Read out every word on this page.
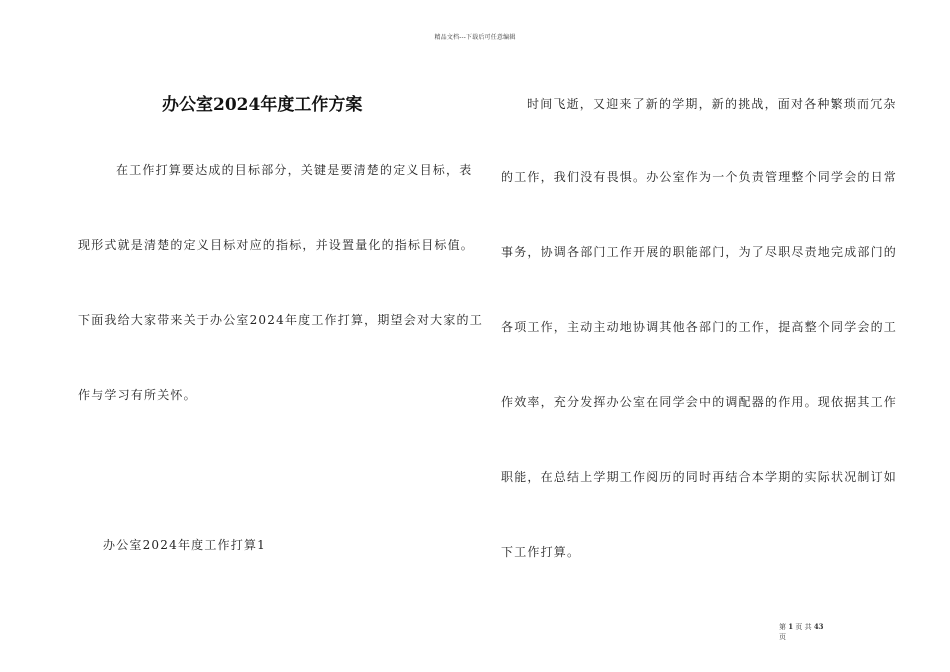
精品文档---下载后可任意编辑
办公室2024年度工作方案
在工作打算要达成的目标部分，关键是要清楚的定义目标，表
现形式就是清楚的定义目标对应的指标，并设置量化的指标目标值。
下面我给大家带来关于办公室2024年度工作打算，期望会对大家的工
作与学习有所关怀。
办公室2024年度工作打算1
时间飞逝，又迎来了新的学期，新的挑战，面对各种繁琐而冗杂
的工作，我们没有畏惧。办公室作为一个负责管理整个同学会的日常
事务，协调各部门工作开展的职能部门，为了尽职尽责地完成部门的
各项工作，主动主动地协调其他各部门的工作，提高整个同学会的工
作效率，充分发挥办公室在同学会中的调配器的作用。现依据其工作
职能，在总结上学期工作阅历的同时再结合本学期的实际状况制订如
下工作打算。
第 1 页 共 43
页
